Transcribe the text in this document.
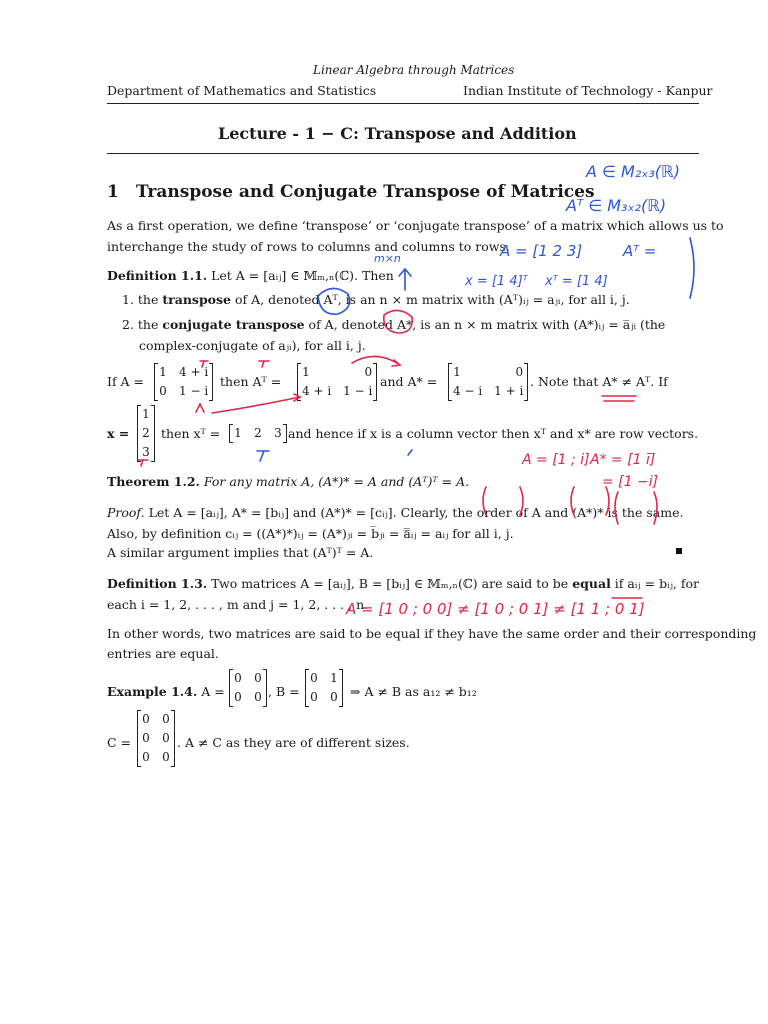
Linear Algebra through Matrices
Department of Mathematics and Statistics	Indian Institute of Technology - Kanpur
Lecture - 1 − C: Transpose and Addition
1 Transpose and Conjugate Transpose of Matrices
As a first operation, we define ‘transpose’ or ‘conjugate transpose’ of a matrix which allows us to
interchange the study of rows to columns and columns to rows.
Definition 1.1. Let A = [aᵢⱼ] ∈ 𝕄ₘ,ₙ(ℂ). Then
1. the transpose of A, denoted Aᵀ, is an n × m matrix with (Aᵀ)ᵢⱼ = aⱼᵢ, for all i, j.
2. the conjugate transpose of A, denoted A*, is an n × m matrix with (A*)ᵢⱼ = a̅ⱼᵢ (the
complex-conjugate of aⱼᵢ), for all i, j.
If A =
1 4 + i
0 1 − i
then Aᵀ =
1	0
4 + i 1 − i
and A* =
1	0
4 − i 1 + i
. Note that A* ≠ Aᵀ. If
x =
1
2
3
then xᵀ = 1 2 3 and hence if x is a column vector then xᵀ and x* are row vectors.
Theorem 1.2. For any matrix A, (A*)* = A and (Aᵀ)ᵀ = A.
Proof. Let A = [aᵢⱼ], A* = [bᵢⱼ] and (A*)* = [cᵢⱼ]. Clearly, the order of A and (A*)* is the same.
Also, by definition cᵢⱼ = ((A*)*)ᵢⱼ = (A*)ⱼᵢ = b̅ⱼᵢ = a̿ᵢⱼ = aᵢⱼ for all i, j.
A similar argument implies that (Aᵀ)ᵀ = A.
Definition 1.3. Two matrices A = [aᵢⱼ], B = [bᵢⱼ] ∈ 𝕄ₘ,ₙ(ℂ) are said to be equal if aᵢⱼ = bᵢⱼ, for
each i = 1, 2, . . . , m and j = 1, 2, . . . , n.
In other words, two matrices are said to be equal if they have the same order and their corresponding
entries are equal.
Example 1.4. A =
0 0
0 0 , B =
0 1
0 0 ⇒ A ≠ B as a₁₂ ≠ b₁₂
C =
0 0
0 0
0 0
. A ≠ C as they are of different sizes.
A ∈ M₂ₓ₃(ℝ)
Aᵀ ∈ M₃ₓ₂(ℝ)
A = [1 2 3]	Aᵀ =
x = [1 4]ᵀ xᵀ = [1 4]
m×n
A = [1 ; i] A* = [1 ī]
= [1 −i]
A = [1 0 ; 0 0] ≠ [1 0 ; 0 1] ≠ [1 1 ; 0 1]
